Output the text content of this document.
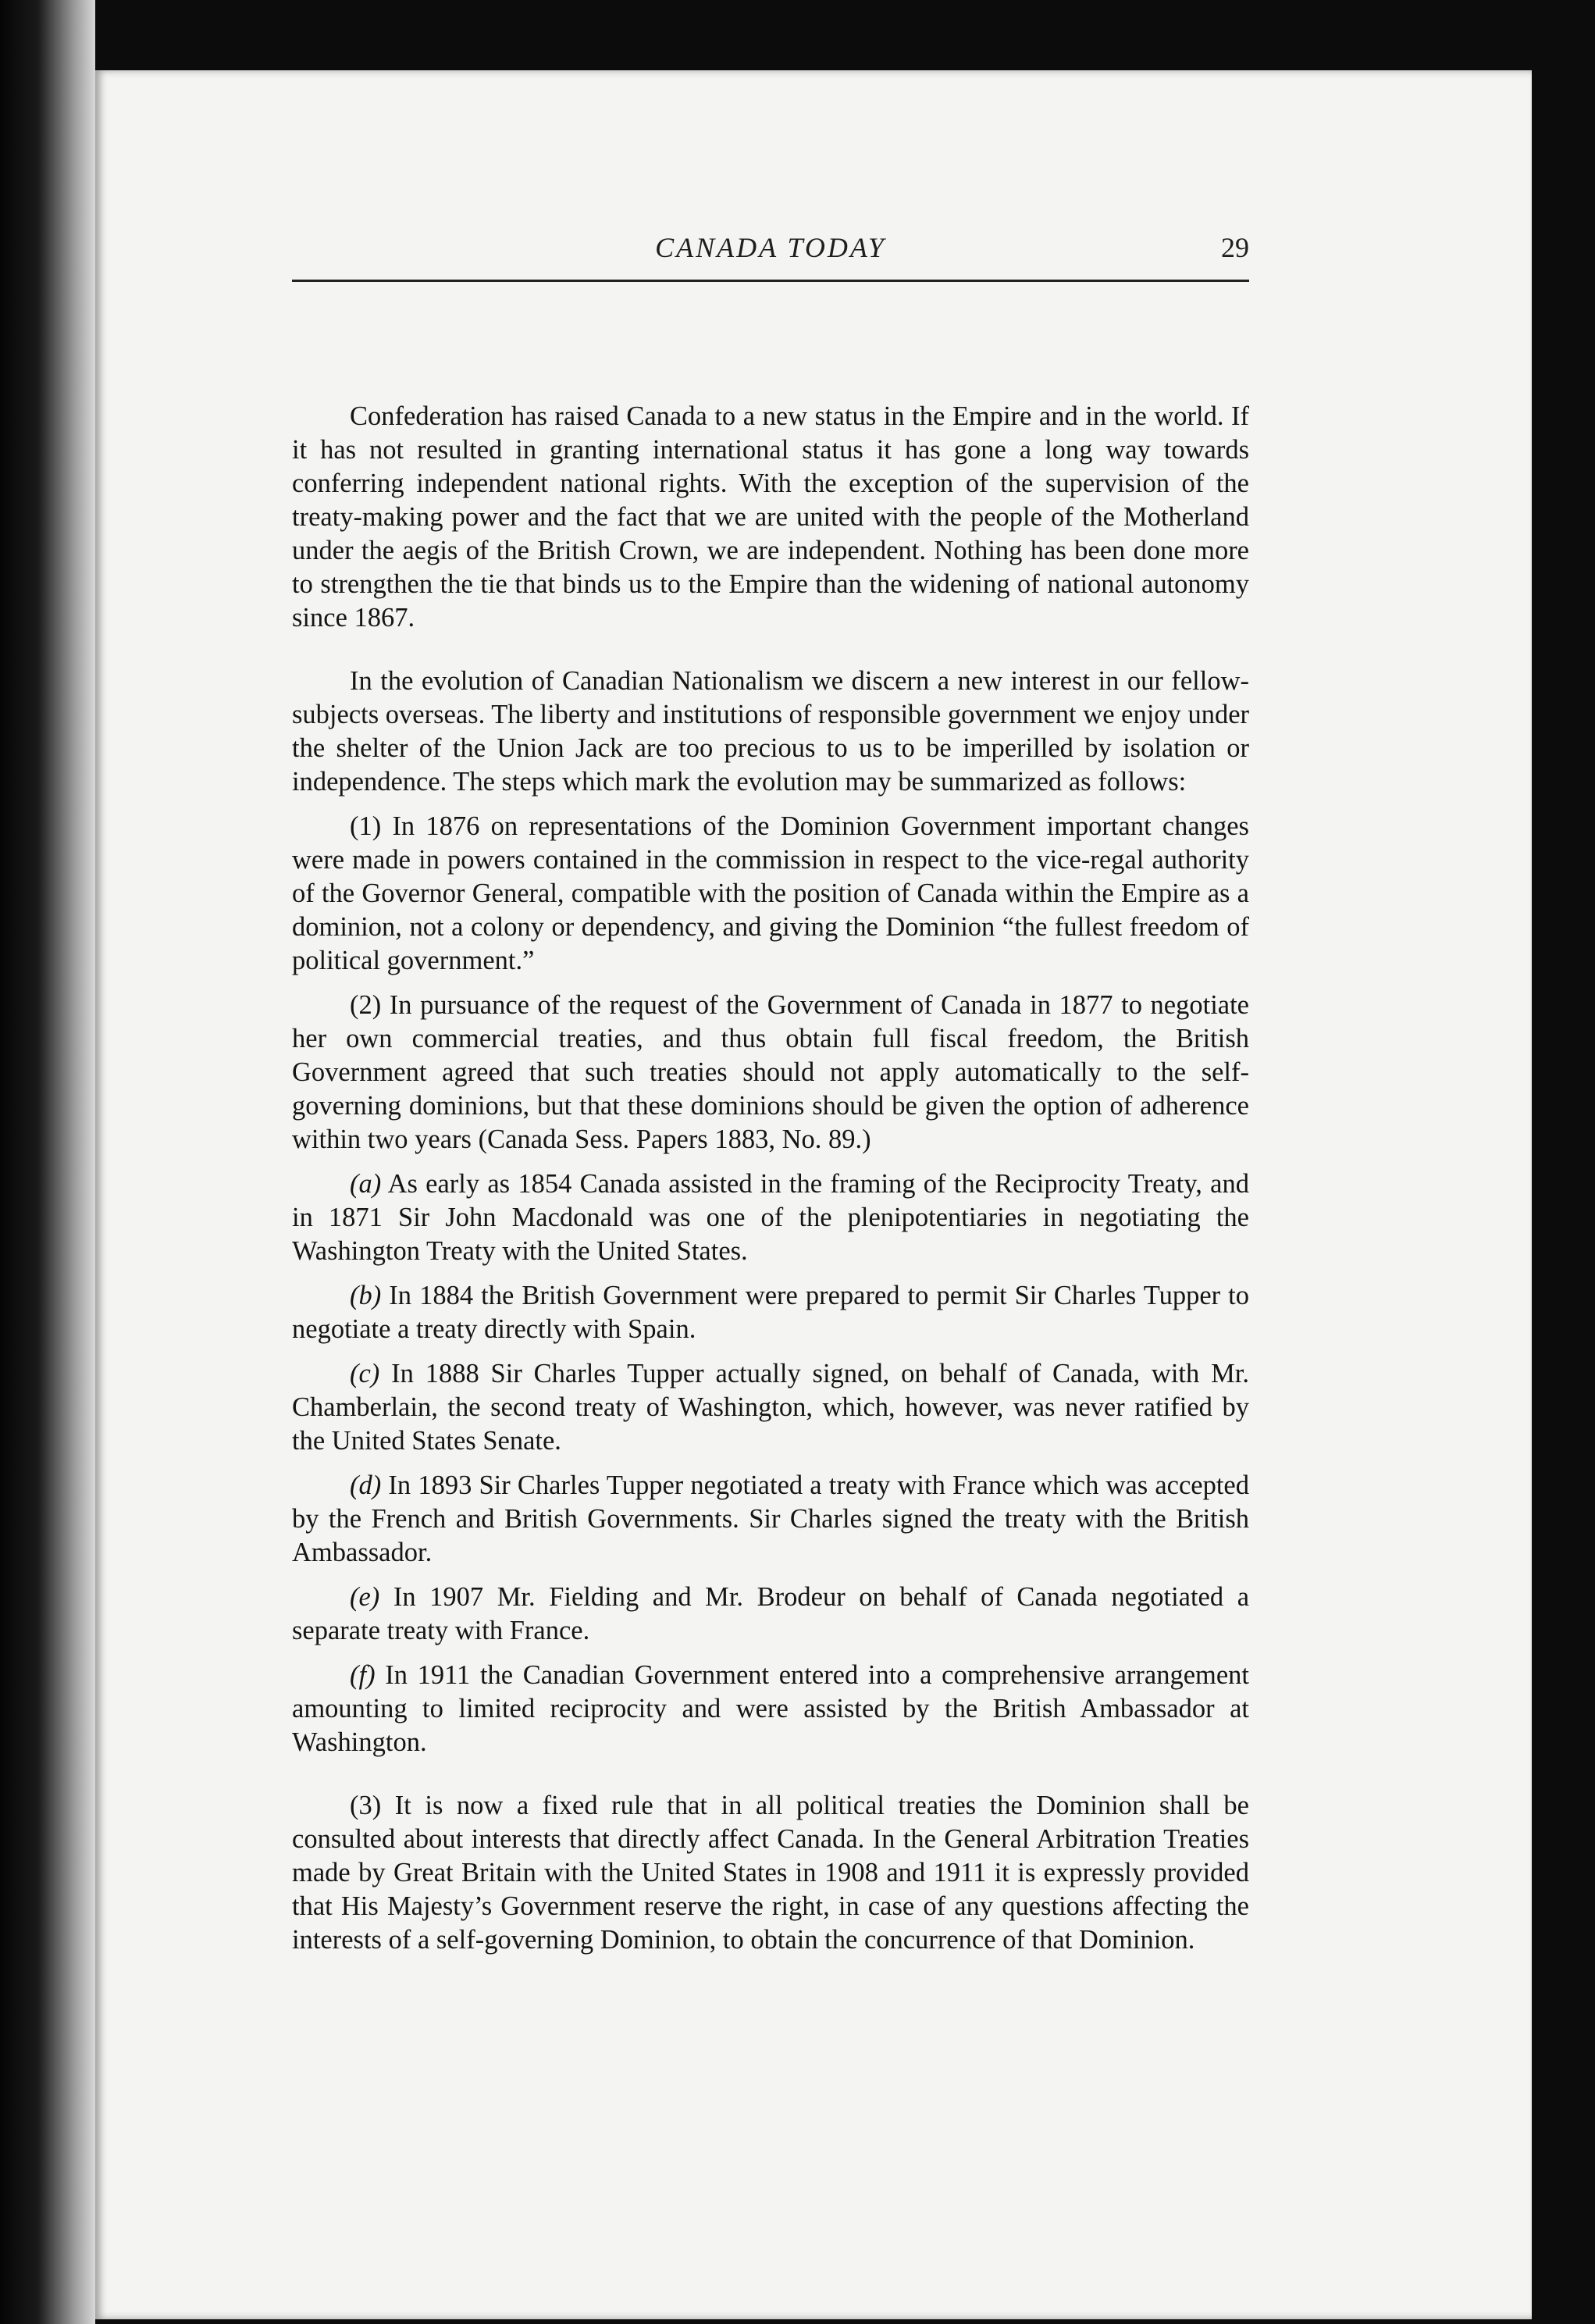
CANADA TODAY	29

Confederation has raised Canada to a new status in the Empire and in the world. If it has not resulted in granting international status it has gone a long way towards conferring independent national rights. With the exception of the supervision of the treaty-making power and the fact that we are united with the people of the Motherland under the aegis of the British Crown, we are independent. Nothing has been done more to strengthen the tie that binds us to the Empire than the widening of national autonomy since 1867.

In the evolution of Canadian Nationalism we discern a new interest in our fellow-subjects overseas. The liberty and institutions of responsible government we enjoy under the shelter of the Union Jack are too precious to us to be imperilled by isolation or independence. The steps which mark the evolution may be summarized as follows:

(1) In 1876 on representations of the Dominion Government important changes were made in powers contained in the commission in respect to the vice-regal authority of the Governor General, compatible with the position of Canada within the Empire as a dominion, not a colony or dependency, and giving the Dominion “the fullest freedom of political government.”

(2) In pursuance of the request of the Government of Canada in 1877 to negotiate her own commercial treaties, and thus obtain full fiscal freedom, the British Government agreed that such treaties should not apply automatically to the self-governing dominions, but that these dominions should be given the option of adherence within two years (Canada Sess. Papers 1883, No. 89.)

(a) As early as 1854 Canada assisted in the framing of the Reciprocity Treaty, and in 1871 Sir John Macdonald was one of the plenipotentiaries in negotiating the Washington Treaty with the United States.

(b) In 1884 the British Government were prepared to permit Sir Charles Tupper to negotiate a treaty directly with Spain.

(c) In 1888 Sir Charles Tupper actually signed, on behalf of Canada, with Mr. Chamberlain, the second treaty of Washington, which, however, was never ratified by the United States Senate.

(d) In 1893 Sir Charles Tupper negotiated a treaty with France which was accepted by the French and British Governments. Sir Charles signed the treaty with the British Ambassador.

(e) In 1907 Mr. Fielding and Mr. Brodeur on behalf of Canada negotiated a separate treaty with France.

(f) In 1911 the Canadian Government entered into a comprehensive arrangement amounting to limited reciprocity and were assisted by the British Ambassador at Washington.

(3) It is now a fixed rule that in all political treaties the Dominion shall be consulted about interests that directly affect Canada. In the General Arbitration Treaties made by Great Britain with the United States in 1908 and 1911 it is expressly provided that His Majesty’s Government reserve the right, in case of any questions affecting the interests of a self-governing Dominion, to obtain the concurrence of that Dominion.
